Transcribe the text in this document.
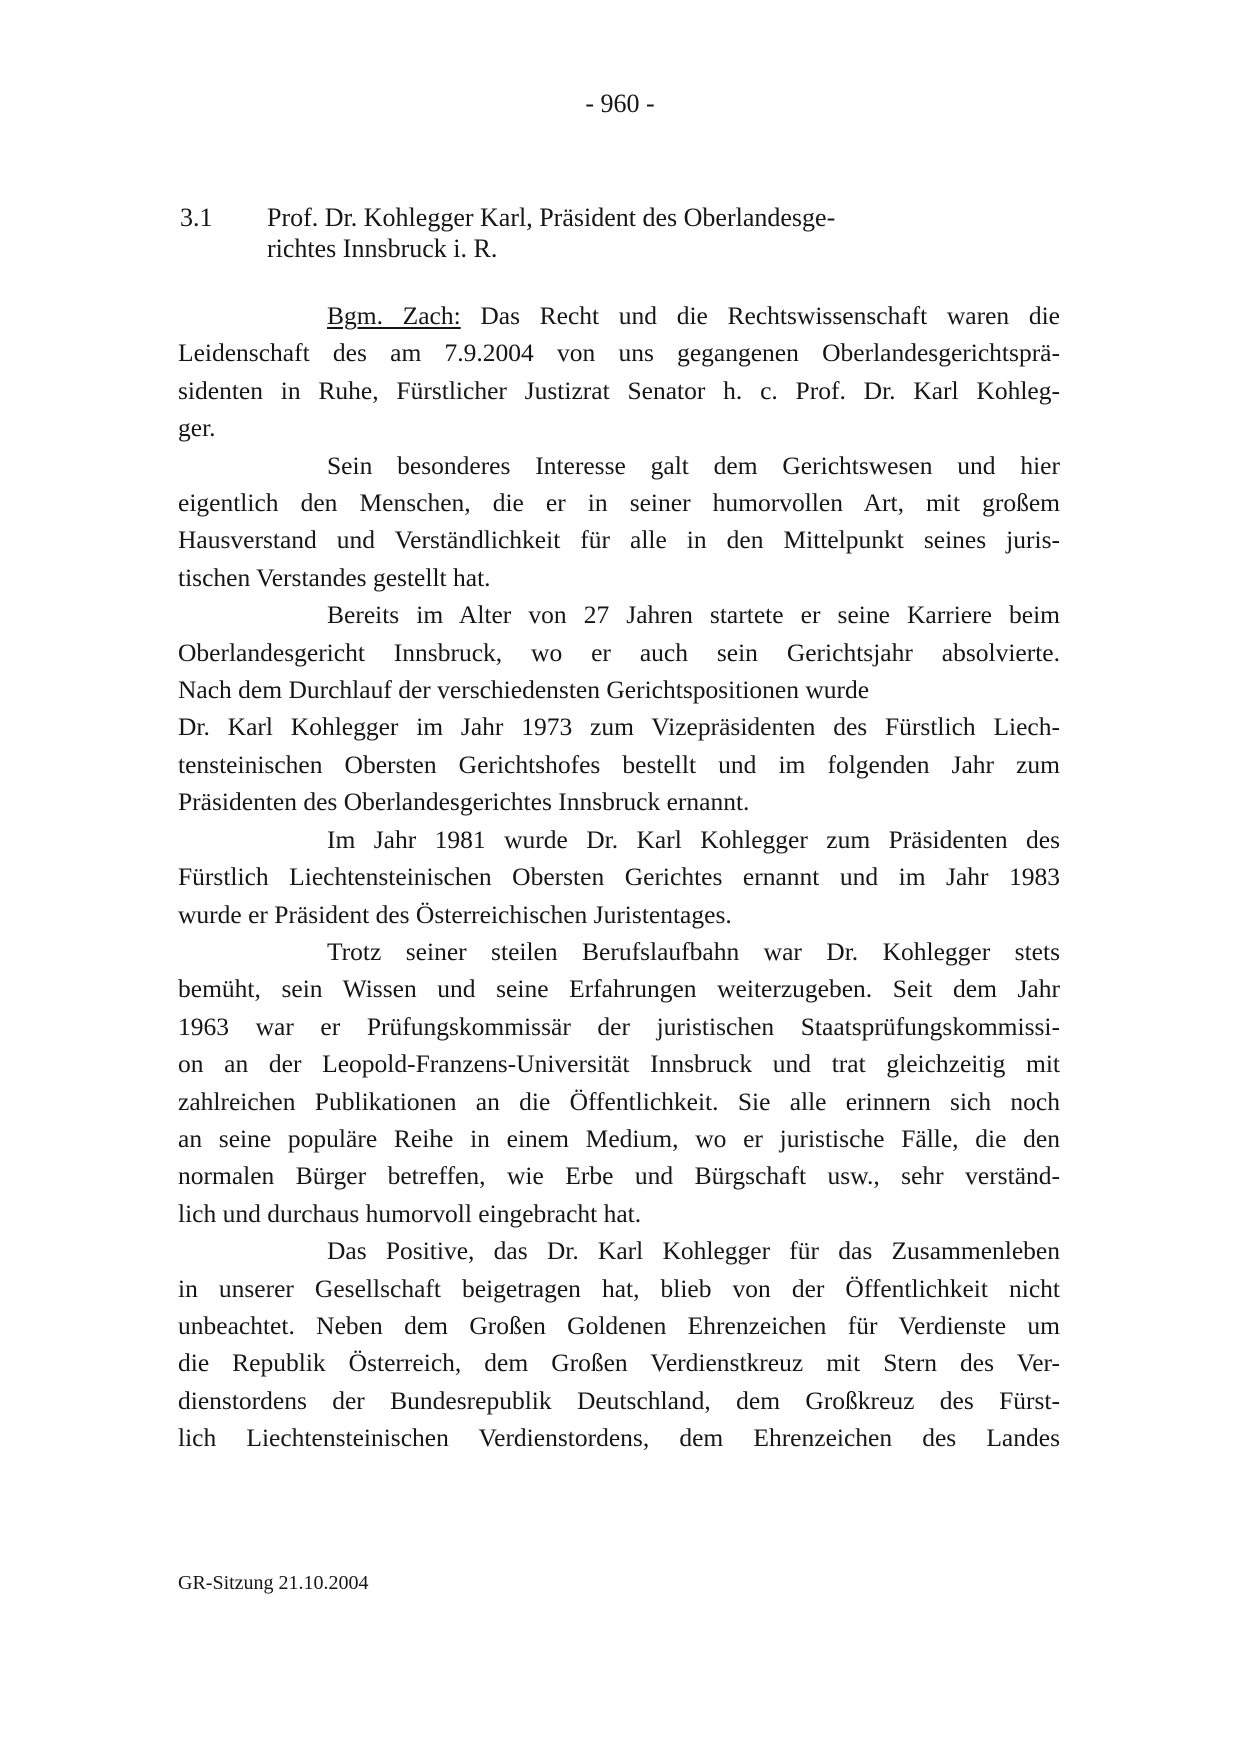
- 960 -
3.1	Prof. Dr. Kohlegger Karl, Präsident des Oberlandesge-
richtes Innsbruck i. R.
Bgm. Zach: Das Recht und die Rechtswissenschaft waren die
Leidenschaft des am 7.9.2004 von uns gegangenen Oberlandesgerichtsprä-
sidenten in Ruhe, Fürstlicher Justizrat Senator h. c. Prof. Dr. Karl Kohleg-
ger.
Sein besonderes Interesse galt dem Gerichtswesen und hier
eigentlich den Menschen, die er in seiner humorvollen Art, mit großem
Hausverstand und Verständlichkeit für alle in den Mittelpunkt seines juris-
tischen Verstandes gestellt hat.
Bereits im Alter von 27 Jahren startete er seine Karriere beim
Oberlandesgericht Innsbruck, wo er auch sein Gerichtsjahr absolvierte.
Nach dem Durchlauf der verschiedensten Gerichtspositionen wurde
Dr. Karl Kohlegger im Jahr 1973 zum Vizepräsidenten des Fürstlich Liech-
tensteinischen Obersten Gerichtshofes bestellt und im folgenden Jahr zum
Präsidenten des Oberlandesgerichtes Innsbruck ernannt.
Im Jahr 1981 wurde Dr. Karl Kohlegger zum Präsidenten des
Fürstlich Liechtensteinischen Obersten Gerichtes ernannt und im Jahr 1983
wurde er Präsident des Österreichischen Juristentages.
Trotz seiner steilen Berufslaufbahn war Dr. Kohlegger stets
bemüht, sein Wissen und seine Erfahrungen weiterzugeben. Seit dem Jahr
1963 war er Prüfungskommissär der juristischen Staatsprüfungskommissi-
on an der Leopold-Franzens-Universität Innsbruck und trat gleichzeitig mit
zahlreichen Publikationen an die Öffentlichkeit. Sie alle erinnern sich noch
an seine populäre Reihe in einem Medium, wo er juristische Fälle, die den
normalen Bürger betreffen, wie Erbe und Bürgschaft usw., sehr verständ-
lich und durchaus humorvoll eingebracht hat.
Das Positive, das Dr. Karl Kohlegger für das Zusammenleben
in unserer Gesellschaft beigetragen hat, blieb von der Öffentlichkeit nicht
unbeachtet. Neben dem Großen Goldenen Ehrenzeichen für Verdienste um
die Republik Österreich, dem Großen Verdienstkreuz mit Stern des Ver-
dienstordens der Bundesrepublik Deutschland, dem Großkreuz des Fürst-
lich Liechtensteinischen Verdienstordens, dem Ehrenzeichen des Landes
GR-Sitzung 21.10.2004
